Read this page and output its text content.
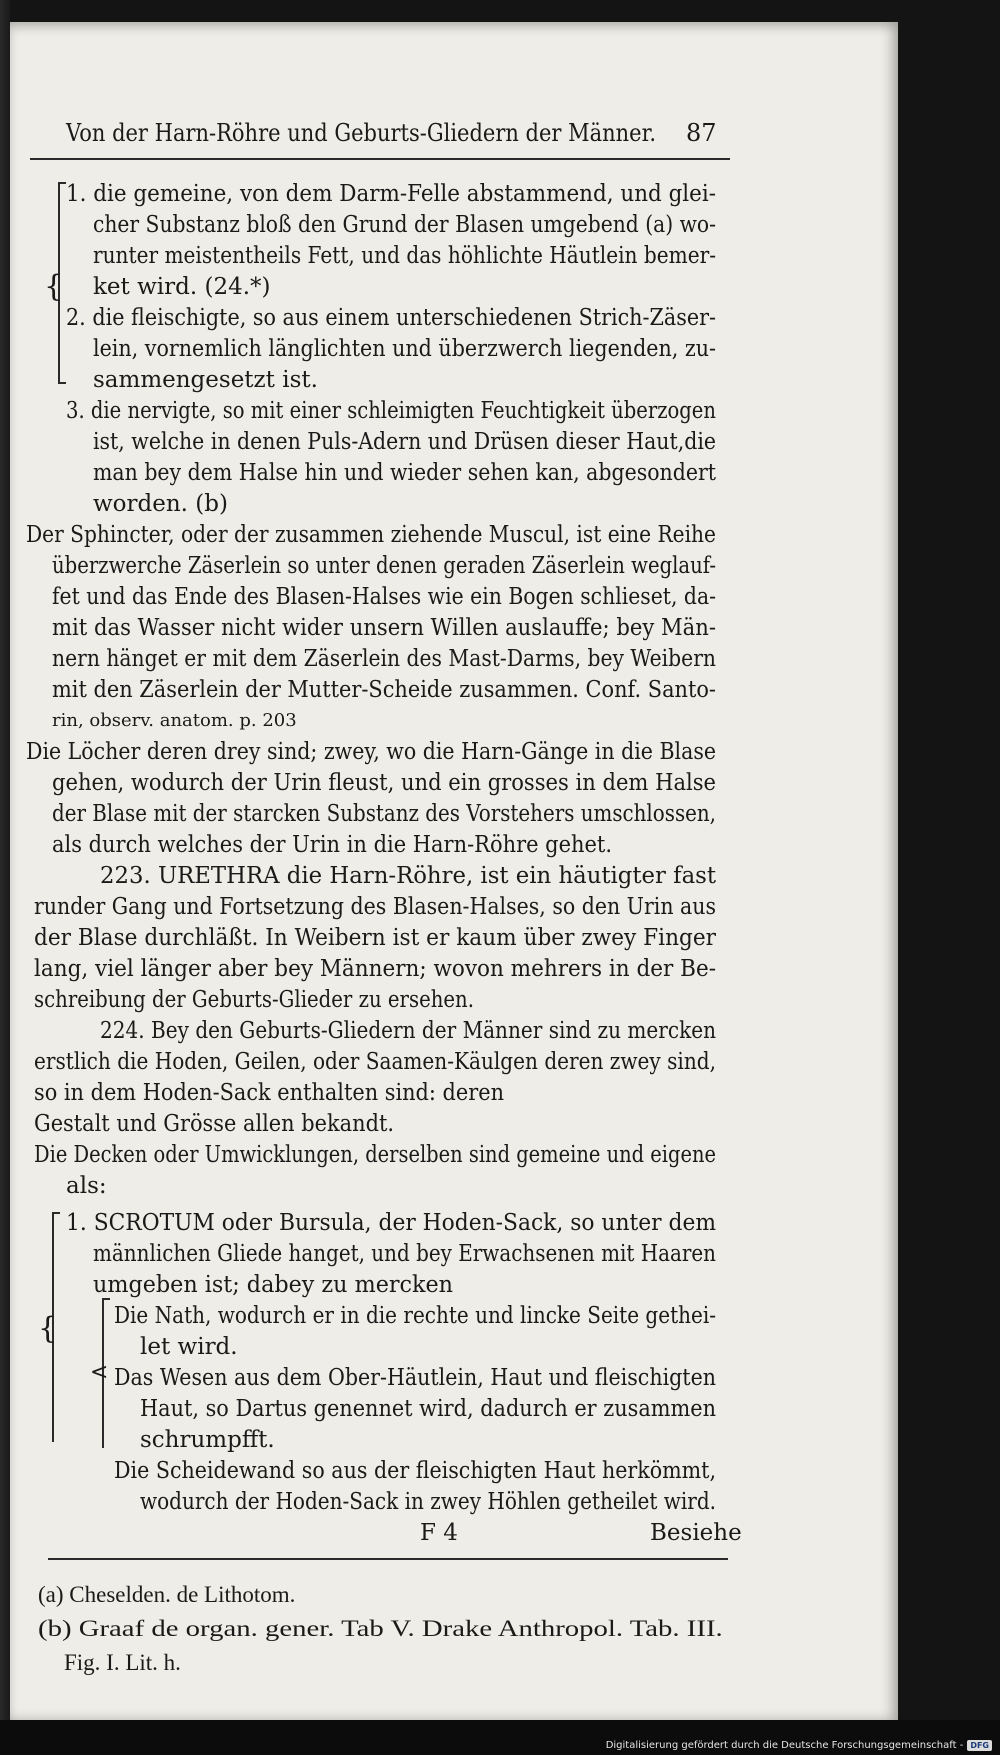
Von der Harn-Röhre und Geburts-Gliedern der Männer. 87
{
1. die gemeine, von dem Darm-Felle abstammend, und glei-
cher Substanz bloß den Grund der Blasen umgebend (a) wo-
runter meistentheils Fett, und das höhlichte Häutlein bemer-
ket wird. (24.*)
2. die fleischigte, so aus einem unterschiedenen Strich-Zäser-
lein, vornemlich länglichten und überzwerch liegenden, zu-
sammengesetzt ist.
3. die nervigte, so mit einer schleimigten Feuchtigkeit überzogen
ist, welche in denen Puls-Adern und Drüsen dieser Haut,die
man bey dem Halse hin und wieder sehen kan, abgesondert
worden. (b)
Der Sphincter, oder der zusammen ziehende Muscul, ist eine Reihe
überzwerche Zäserlein so unter denen geraden Zäserlein weglauf-
fet und das Ende des Blasen-Halses wie ein Bogen schlieset, da-
mit das Wasser nicht wider unsern Willen auslauffe; bey Män-
nern hänget er mit dem Zäserlein des Mast-Darms, bey Weibern
mit den Zäserlein der Mutter-Scheide zusammen. Conf. Santo-
rin, observ. anatom. p. 203
Die Löcher deren drey sind; zwey, wo die Harn-Gänge in die Blase
gehen, wodurch der Urin fleust, und ein grosses in dem Halse
der Blase mit der starcken Substanz des Vorstehers umschlossen,
als durch welches der Urin in die Harn-Röhre gehet.
223. URETHRA die Harn-Röhre, ist ein häutigter fast
runder Gang und Fortsetzung des Blasen-Halses, so den Urin aus
der Blase durchläßt. In Weibern ist er kaum über zwey Finger
lang, viel länger aber bey Männern; wovon mehrers in der Be-
schreibung der Geburts-Glieder zu ersehen.
224. Bey den Geburts-Gliedern der Männer sind zu mercken
erstlich die Hoden, Geilen, oder Saamen-Käulgen deren zwey sind,
so in dem Hoden-Sack enthalten sind: deren
Gestalt und Grösse allen bekandt.
Die Decken oder Umwicklungen, derselben sind gemeine und eigene
als:
{
<
1. SCROTUM oder Bursula, der Hoden-Sack, so unter dem
männlichen Gliede hanget, und bey Erwachsenen mit Haaren
umgeben ist; dabey zu mercken
Die Nath, wodurch er in die rechte und lincke Seite gethei-
let wird.
Das Wesen aus dem Ober-Häutlein, Haut und fleischigten
Haut, so Dartus genennet wird, dadurch er zusammen
schrumpfft.
Die Scheidewand so aus der fleischigten Haut herkömmt,
wodurch der Hoden-Sack in zwey Höhlen getheilet wird.
F 4	Besiehe
(a) Cheselden. de Lithotom.
(b) Graaf de organ. gener. Tab V. Drake Anthropol. Tab. III.
Fig. I. Lit. h.
Digitalisierung gefördert durch die Deutsche Forschungsgemeinschaft - DFG
